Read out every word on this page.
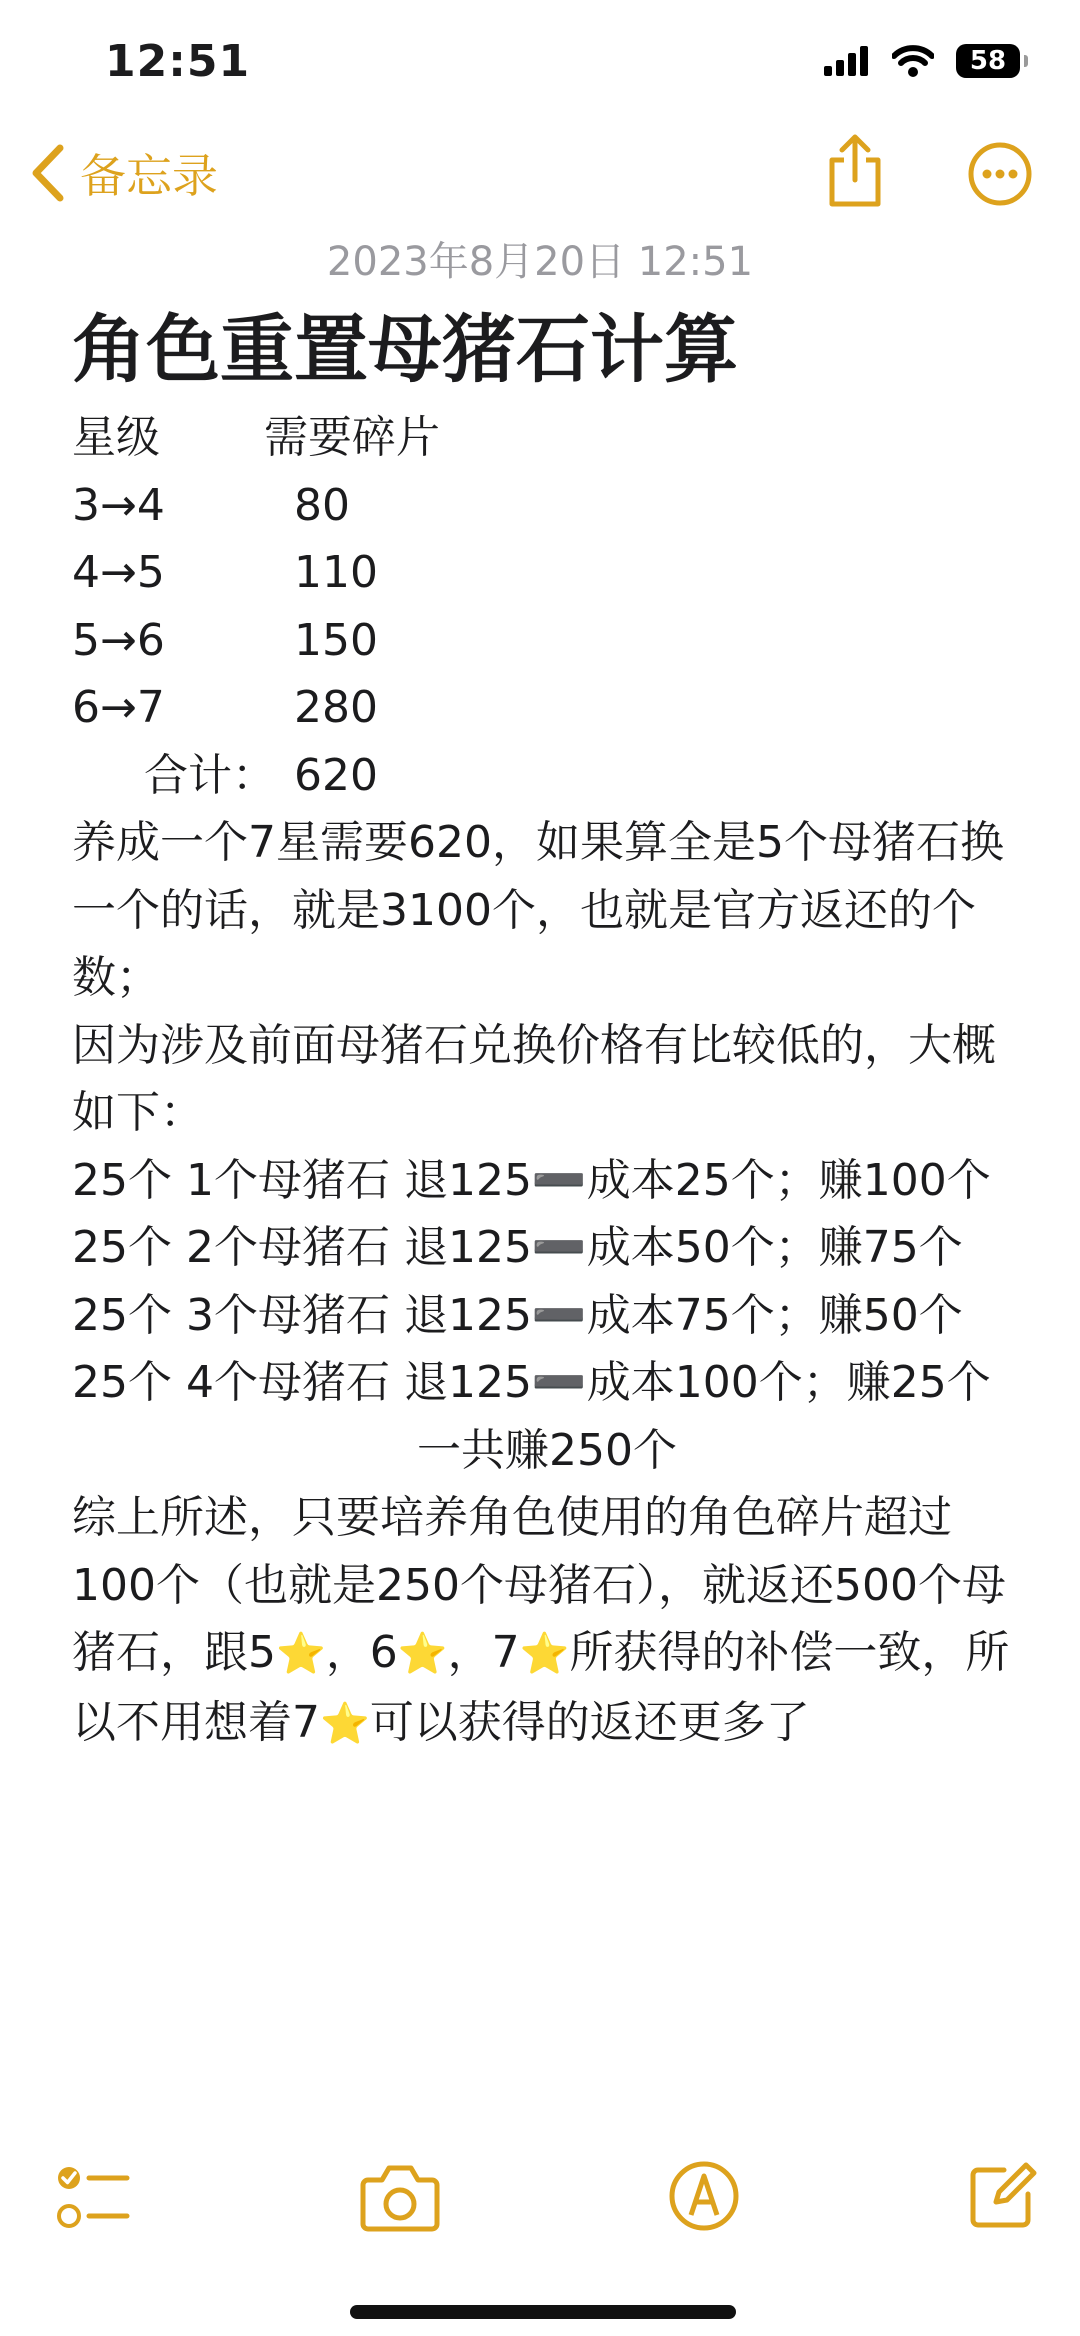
12:51	58
备忘录
2023年8月20日 12:51
角色重置母猪石计算
星级 需要碎片
3→4	80
4→5	110
5→6	150
6→7	280
合计： 620
养成一个7星需要620，如果算全是5个母猪石换一个的话，就是3100个，也就是官方返还的个数；
因为涉及前面母猪石兑换价格有比较低的，大概如下：
25个 1个母猪石 退125➖成本25个；赚100个
25个 2个母猪石 退125➖成本50个；赚75个
25个 3个母猪石 退125➖成本75个；赚50个
25个 4个母猪石 退125➖成本100个；赚25个
一共赚250个
综上所述，只要培养角色使用的角色碎片超过100个（也就是250个母猪石），就返还500个母猪石，跟5⭐，6⭐，7⭐所获得的补偿一致，所以不用想着7⭐可以获得的返还更多了
